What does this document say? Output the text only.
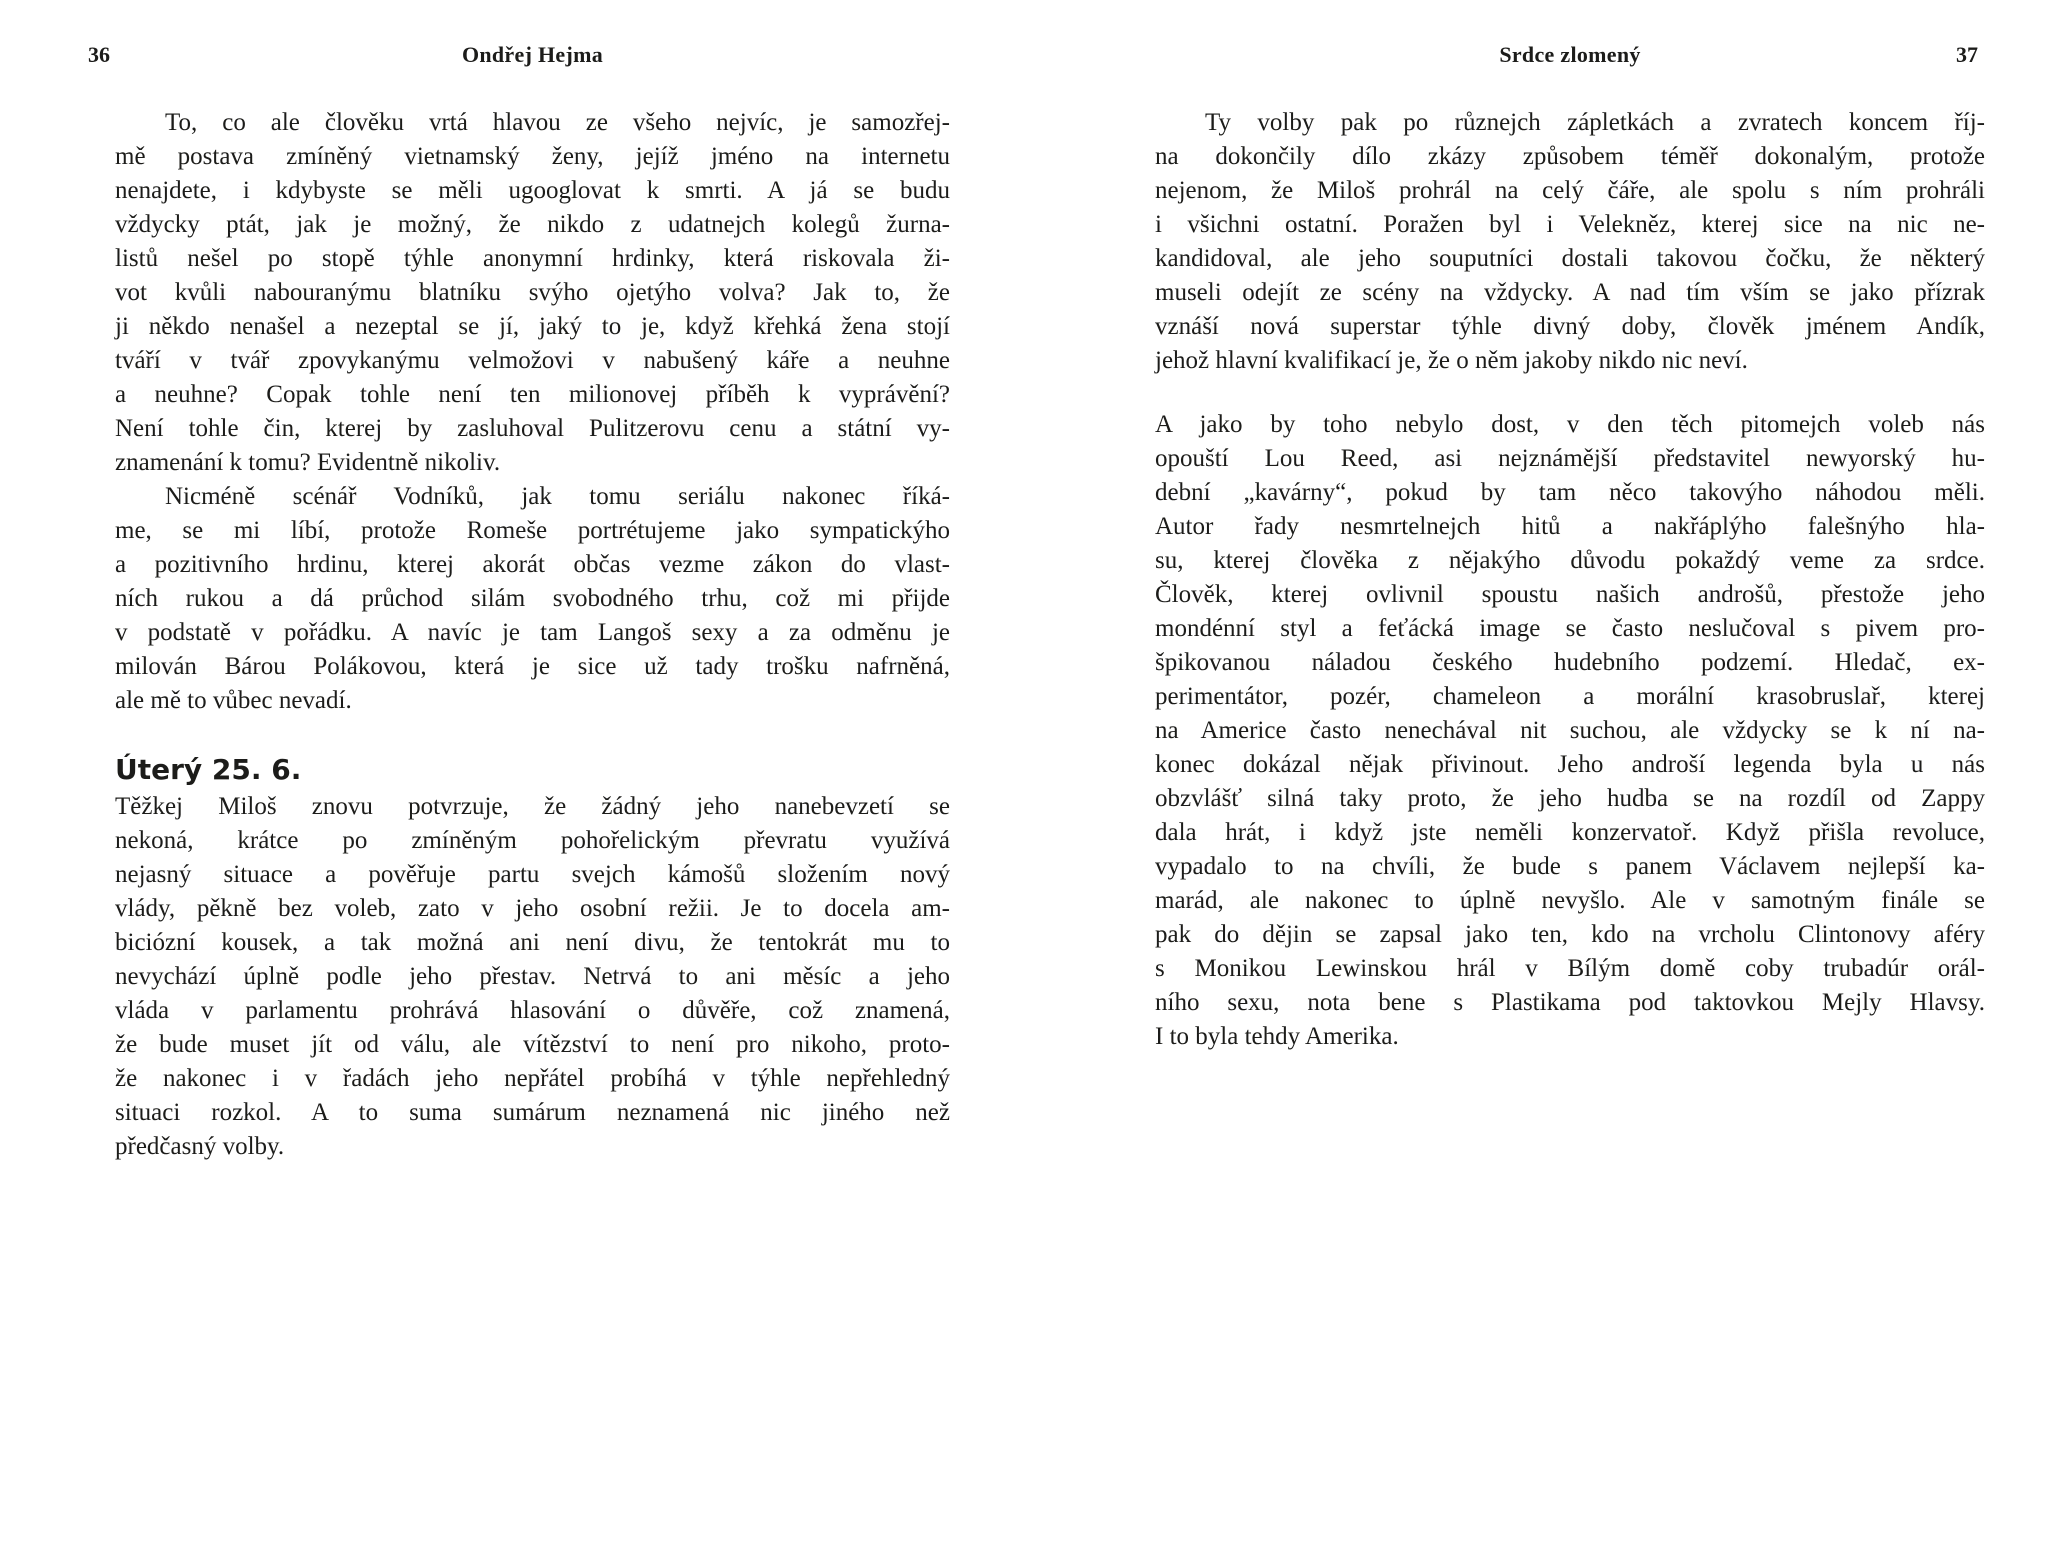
36	Ondřej Hejma
To, co ale člověku vrtá hlavou ze všeho nejvíc, je samozřej-
mě postava zmíněný vietnamský ženy, jejíž jméno na internetu
nenajdete, i kdybyste se měli ugooglovat k smrti. A já se budu
vždycky ptát, jak je možný, že nikdo z udatnejch kolegů žurna-
listů nešel po stopě týhle anonymní hrdinky, která riskovala ži-
vot kvůli nabouranýmu blatníku svýho ojetýho volva? Jak to, že
ji někdo nenašel a nezeptal se jí, jaký to je, když křehká žena stojí
tváří v tvář zpovykanýmu velmožovi v nabušený káře a neuhne
a neuhne? Copak tohle není ten milionovej příběh k vyprávění?
Není tohle čin, kterej by zasluhoval Pulitzerovu cenu a státní vy-
znamenání k tomu? Evidentně nikoliv.
Nicméně scénář Vodníků, jak tomu seriálu nakonec říká-
me, se mi líbí, protože Romeše portrétujeme jako sympatickýho
a pozitivního hrdinu, kterej akorát občas vezme zákon do vlast-
ních rukou a dá průchod silám svobodného trhu, což mi přijde
v podstatě v pořádku. A navíc je tam Langoš sexy a za odměnu je
milován Bárou Polákovou, která je sice už tady trošku nafrněná,
ale mě to vůbec nevadí.
Úterý 25. 6.
Těžkej Miloš znovu potvrzuje, že žádný jeho nanebevzetí se
nekoná, krátce po zmíněným pohořelickým převratu využívá
nejasný situace a pověřuje partu svejch kámošů složením nový
vlády, pěkně bez voleb, zato v jeho osobní režii. Je to docela am-
biciózní kousek, a tak možná ani není divu, že tentokrát mu to
nevychází úplně podle jeho přestav. Netrvá to ani měsíc a jeho
vláda v parlamentu prohrává hlasování o důvěře, což znamená,
že bude muset jít od válu, ale vítězství to není pro nikoho, proto-
že nakonec i v řadách jeho nepřátel probíhá v týhle nepřehledný
situaci rozkol. A to suma sumárum neznamená nic jiného než
předčasný volby.
37
Srdce zlomený
Ty volby pak po různejch zápletkách a zvratech koncem říj-
na dokončily dílo zkázy způsobem téměř dokonalým, protože
nejenom, že Miloš prohrál na celý čáře, ale spolu s ním prohráli
i všichni ostatní. Poražen byl i Velekněz, kterej sice na nic ne-
kandidoval, ale jeho souputníci dostali takovou čočku, že některý
museli odejít ze scény na vždycky. A nad tím vším se jako přízrak
vznáší nová superstar týhle divný doby, člověk jménem Andík,
jehož hlavní kvalifikací je, že o něm jakoby nikdo nic neví.
A jako by toho nebylo dost, v den těch pitomejch voleb nás
opouští Lou Reed, asi nejznámější představitel newyorský hu-
dební „kavárny“, pokud by tam něco takovýho náhodou měli.
Autor řady nesmrtelnejch hitů a nakřáplýho falešnýho hla-
su, kterej člověka z nějakýho důvodu pokaždý veme za srdce.
Člověk, kterej ovlivnil spoustu našich androšů, přestože jeho
mondénní styl a feťácká image se často neslučoval s pivem pro-
špikovanou náladou českého hudebního podzemí. Hledač, ex-
perimentátor, pozér, chameleon a morální krasobruslař, kterej
na Americe často nenechával nit suchou, ale vždycky se k ní na-
konec dokázal nějak přivinout. Jeho androší legenda byla u nás
obzvlášť silná taky proto, že jeho hudba se na rozdíl od Zappy
dala hrát, i když jste neměli konzervatoř. Když přišla revoluce,
vypadalo to na chvíli, že bude s panem Václavem nejlepší ka-
marád, ale nakonec to úplně nevyšlo. Ale v samotným finále se
pak do dějin se zapsal jako ten, kdo na vrcholu Clintonovy aféry
s Monikou Lewinskou hrál v Bílým domě coby trubadúr orál-
ního sexu, nota bene s Plastikama pod taktovkou Mejly Hlavsy.
I to byla tehdy Amerika.
